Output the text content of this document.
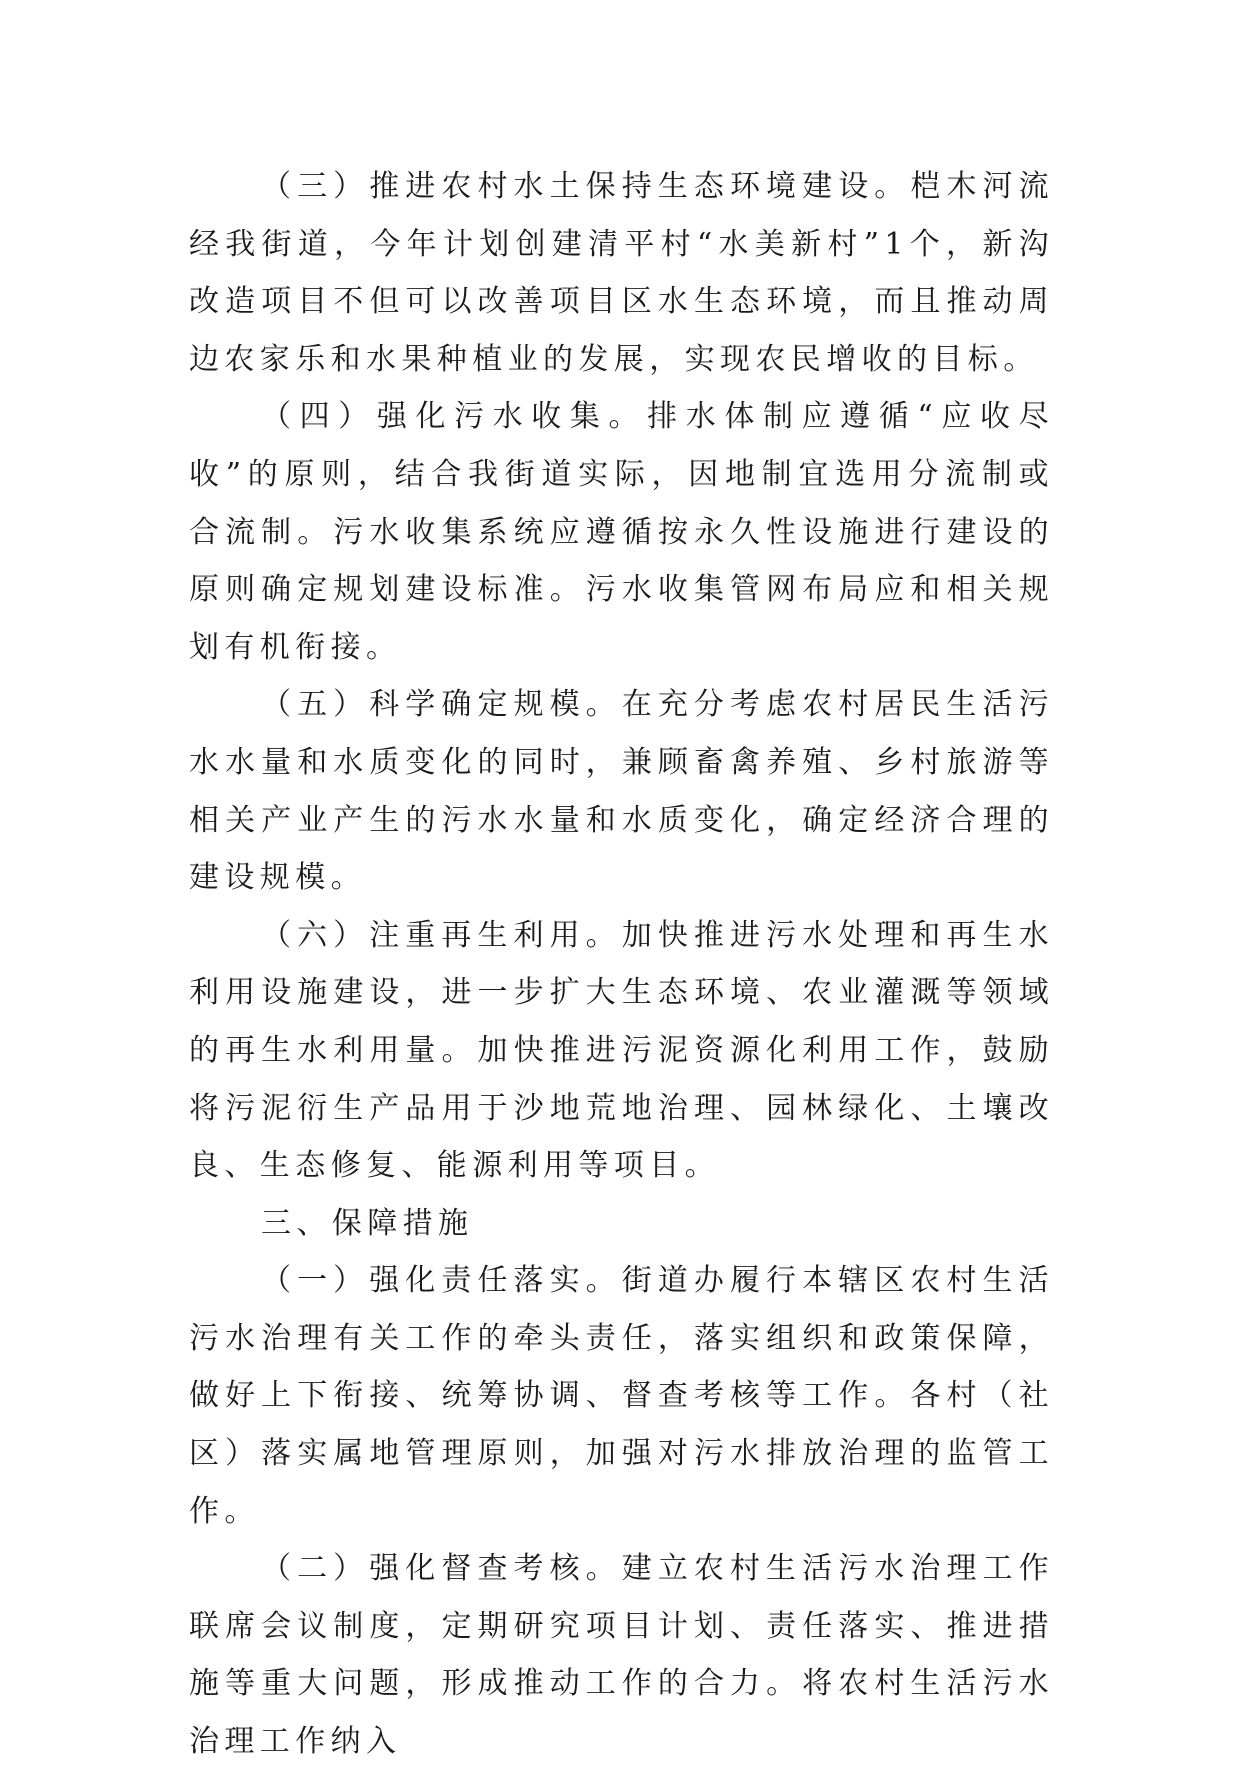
（三）推进农村水土保持生态环境建设。桤木河流经我街道，今年计划创建清平村“水美新村”1个，新沟改造项目不但可以改善项目区水生态环境，而且推动周边农家乐和水果种植业的发展，实现农民增收的目标。

（四）强化污水收集。排水体制应遵循“应收尽收”的原则，结合我街道实际，因地制宜选用分流制或合流制。污水收集系统应遵循按永久性设施进行建设的原则确定规划建设标准。污水收集管网布局应和相关规划有机衔接。

（五）科学确定规模。在充分考虑农村居民生活污水水量和水质变化的同时，兼顾畜禽养殖、乡村旅游等相关产业产生的污水水量和水质变化，确定经济合理的建设规模。

（六）注重再生利用。加快推进污水处理和再生水利用设施建设，进一步扩大生态环境、农业灌溉等领域的再生水利用量。加快推进污泥资源化利用工作，鼓励将污泥衍生产品用于沙地荒地治理、园林绿化、土壤改良、生态修复、能源利用等项目。

三、保障措施

（一）强化责任落实。街道办履行本辖区农村生活污水治理有关工作的牵头责任，落实组织和政策保障，做好上下衔接、统筹协调、督查考核等工作。各村（社区）落实属地管理原则，加强对污水排放治理的监管工作。

（二）强化督查考核。建立农村生活污水治理工作联席会议制度，定期研究项目计划、责任落实、推进措施等重大问题，形成推动工作的合力。将农村生活污水治理工作纳入
